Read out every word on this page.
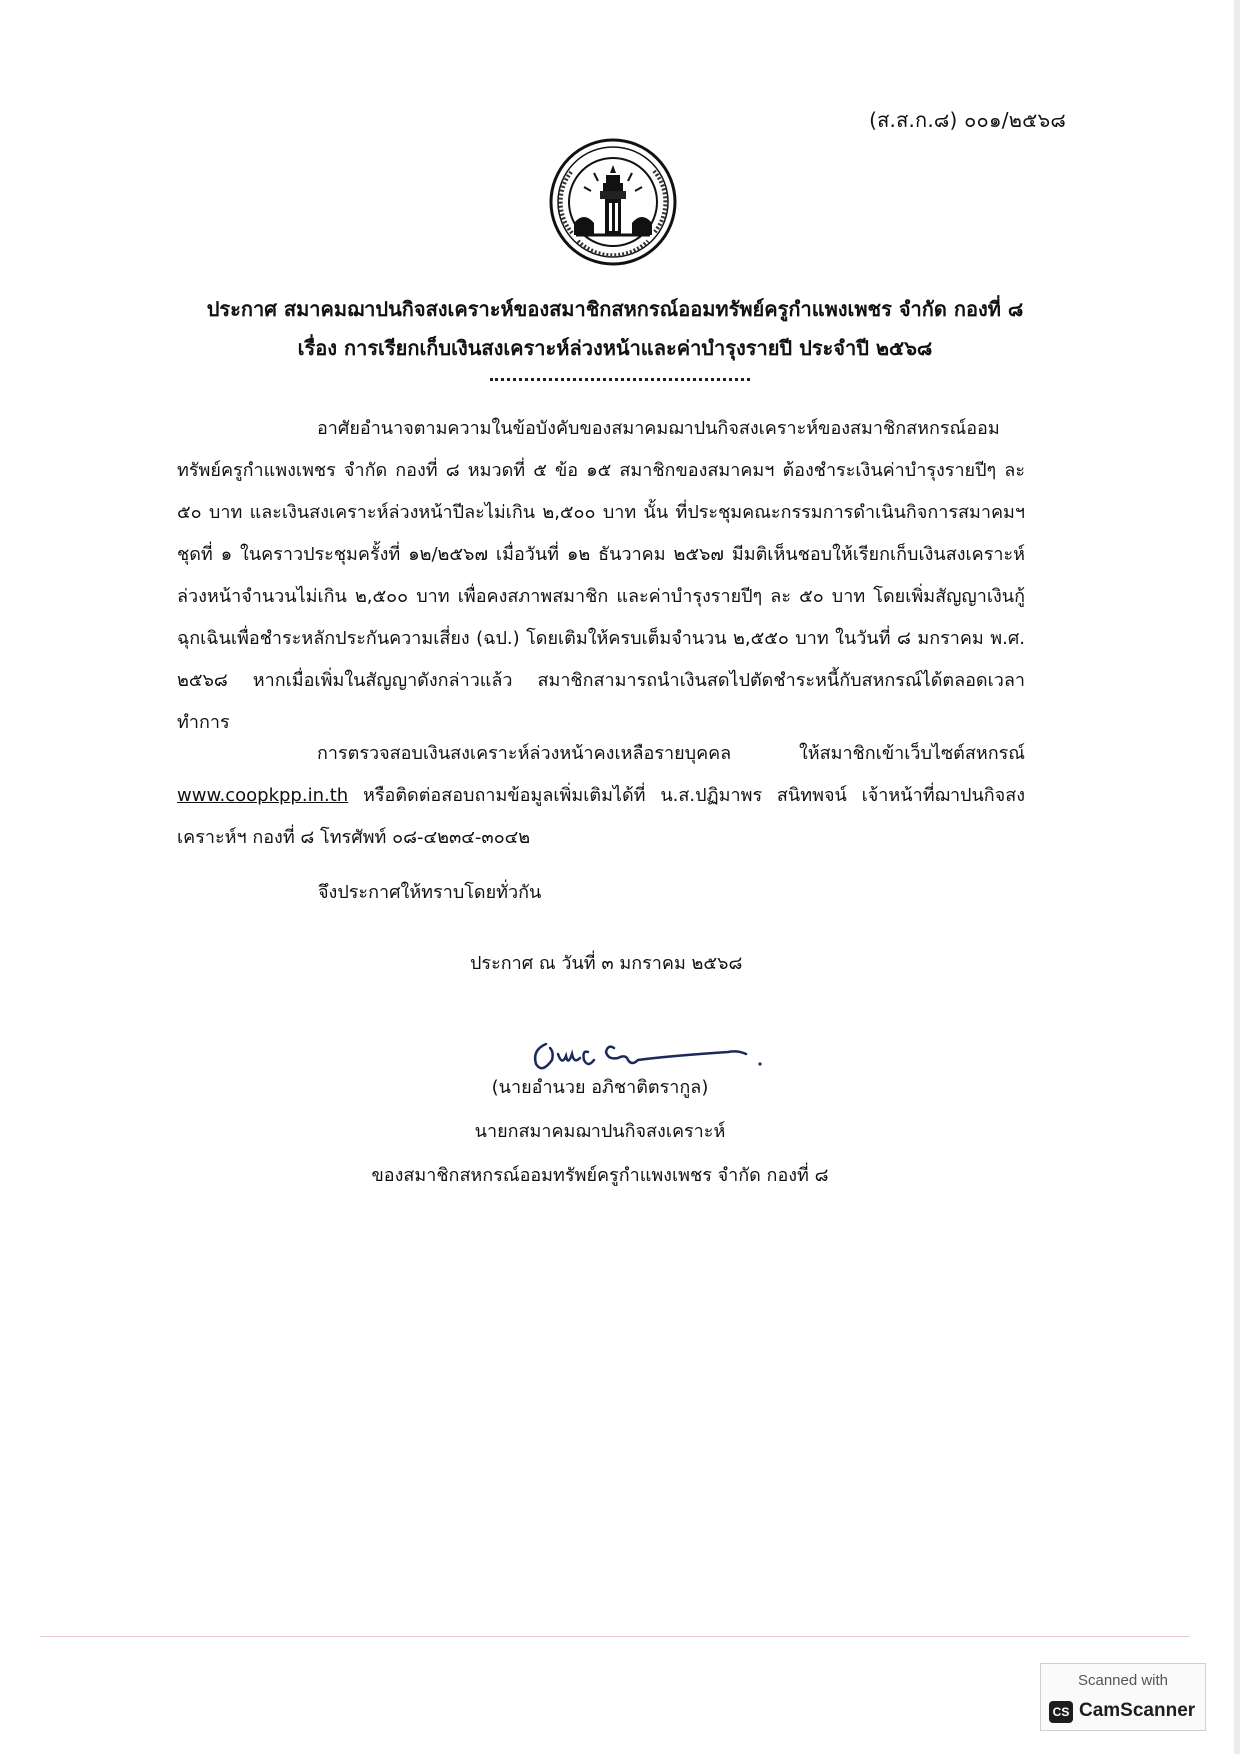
(ส.ส.ก.๘) ๐๐๑/๒๕๖๘
ประกาศ สมาคมฌาปนกิจสงเคราะห์ของสมาชิกสหกรณ์ออมทรัพย์ครูกำแพงเพชร จำกัด กองที่ ๘
เรื่อง การเรียกเก็บเงินสงเคราะห์ล่วงหน้าและค่าบำรุงรายปี ประจำปี ๒๕๖๘
อาศัยอำนาจตามความในข้อบังคับของสมาคมฌาปนกิจสงเคราะห์ของสมาชิกสหกรณ์ออมทรัพย์ครูกำแพงเพชร จำกัด กองที่ ๘ หมวดที่ ๕ ข้อ ๑๕ สมาชิกของสมาคมฯ ต้องชำระเงินค่าบำรุงรายปีๆ ละ ๕๐ บาท และเงินสงเคราะห์ล่วงหน้าปีละไม่เกิน ๒,๕๐๐ บาท นั้น ที่ประชุมคณะกรรมการดำเนินกิจการสมาคมฯ ชุดที่ ๑ ในคราวประชุมครั้งที่ ๑๒/๒๕๖๗ เมื่อวันที่ ๑๒ ธันวาคม ๒๕๖๗ มีมติเห็นชอบให้เรียกเก็บเงินสงเคราะห์ล่วงหน้าจำนวนไม่เกิน ๒,๕๐๐ บาท เพื่อคงสภาพสมาชิก และค่าบำรุงรายปีๆ ละ ๕๐ บาท โดยเพิ่มสัญญาเงินกู้ฉุกเฉินเพื่อชำระหลักประกันความเสี่ยง (ฉป.) โดยเติมให้ครบเต็มจำนวน ๒,๕๕๐ บาท ในวันที่ ๘ มกราคม พ.ศ. ๒๕๖๘ หากเมื่อเพิ่มในสัญญาดังกล่าวแล้ว สมาชิกสามารถนำเงินสดไปตัดชำระหนี้กับสหกรณ์ได้ตลอดเวลาทำการ
การตรวจสอบเงินสงเคราะห์ล่วงหน้าคงเหลือรายบุคคล ให้สมาชิกเข้าเว็บไซต์สหกรณ์ www.coopkpp.in.th หรือติดต่อสอบถามข้อมูลเพิ่มเติมได้ที่ น.ส.ปฏิมาพร สนิทพจน์ เจ้าหน้าที่ฌาปนกิจสงเคราะห์ฯ กองที่ ๘ โทรศัพท์ ๐๘-๔๒๓๔-๓๐๔๒
จึงประกาศให้ทราบโดยทั่วกัน
ประกาศ ณ วันที่ ๓ มกราคม ๒๕๖๘
(นายอำนวย อภิชาติตรากูล)
นายกสมาคมฌาปนกิจสงเคราะห์
ของสมาชิกสหกรณ์ออมทรัพย์ครูกำแพงเพชร จำกัด กองที่ ๘
Scanned with
CS CamScanner
